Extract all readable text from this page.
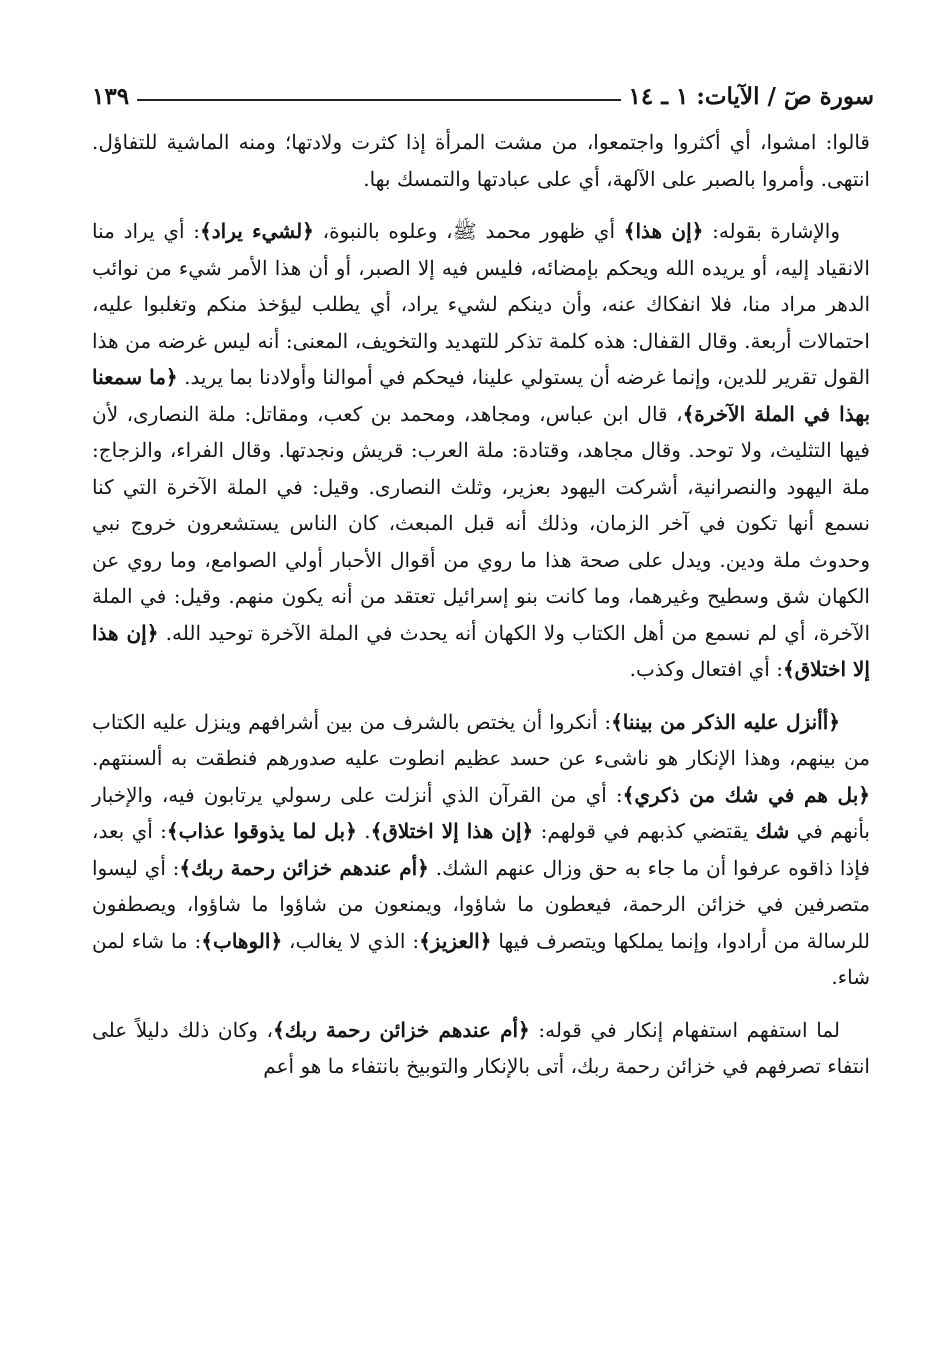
سورة صٓ / الآيات: ١ ـ ١٤
١٣٩

قالوا: امشوا، أي أكثروا واجتمعوا، من مشت المرأة إذا كثرت ولادتها؛ ومنه الماشية للتفاؤل. انتهى. وأمروا بالصبر على الآلهة، أي على عبادتها والتمسك بها.

والإشارة بقوله: ﴿إن هذا﴾ أي ظهور محمد ﷺ، وعلوه بالنبوة، ﴿لشيء يراد﴾: أي يراد منا الانقياد إليه، أو يريده الله ويحكم بإمضائه، فليس فيه إلا الصبر، أو أن هذا الأمر شيء من نوائب الدهر مراد منا، فلا انفكاك عنه، وأن دينكم لشيء يراد، أي يطلب ليؤخذ منكم وتغلبوا عليه، احتمالات أربعة. وقال القفال: هذه كلمة تذكر للتهديد والتخويف، المعنى: أنه ليس غرضه من هذا القول تقرير للدين، وإنما غرضه أن يستولي علينا، فيحكم في أموالنا وأولادنا بما يريد. ﴿ما سمعنا بهذا في الملة الآخرة﴾، قال ابن عباس، ومجاهد، ومحمد بن كعب، ومقاتل: ملة النصارى، لأن فيها التثليث، ولا توحد. وقال مجاهد، وقتادة: ملة العرب: قريش ونجدتها. وقال الفراء، والزجاج: ملة اليهود والنصرانية، أشركت اليهود بعزير، وثلث النصارى. وقيل: في الملة الآخرة التي كنا نسمع أنها تكون في آخر الزمان، وذلك أنه قبل المبعث، كان الناس يستشعرون خروج نبي وحدوث ملة ودين. ويدل على صحة هذا ما روي من أقوال الأحبار أولي الصوامع، وما روي عن الكهان شق وسطيح وغيرهما، وما كانت بنو إسرائيل تعتقد من أنه يكون منهم. وقيل: في الملة الآخرة، أي لم نسمع من أهل الكتاب ولا الكهان أنه يحدث في الملة الآخرة توحيد الله. ﴿إن هذا إلا اختلاق﴾: أي افتعال وكذب.

﴿أأنزل عليه الذكر من بيننا﴾: أنكروا أن يختص بالشرف من بين أشرافهم وينزل عليه الكتاب من بينهم، وهذا الإنكار هو ناشىء عن حسد عظيم انطوت عليه صدورهم فنطقت به ألسنتهم. ﴿بل هم في شك من ذكري﴾: أي من القرآن الذي أنزلت على رسولي يرتابون فيه، والإخبار بأنهم في شك يقتضي كذبهم في قولهم: ﴿إن هذا إلا اختلاق﴾. ﴿بل لما يذوقوا عذاب﴾: أي بعد، فإذا ذاقوه عرفوا أن ما جاء به حق وزال عنهم الشك. ﴿أم عندهم خزائن رحمة ربك﴾: أي ليسوا متصرفين في خزائن الرحمة، فيعطون ما شاؤوا، ويمنعون من شاؤوا ما شاؤوا، ويصطفون للرسالة من أرادوا، وإنما يملكها ويتصرف فيها ﴿العزيز﴾: الذي لا يغالب، ﴿الوهاب﴾: ما شاء لمن شاء.

لما استفهم استفهام إنكار في قوله: ﴿أم عندهم خزائن رحمة ربك﴾، وكان ذلك دليلاً على انتفاء تصرفهم في خزائن رحمة ربك، أتى بالإنكار والتوبيخ بانتفاء ما هو أعم
